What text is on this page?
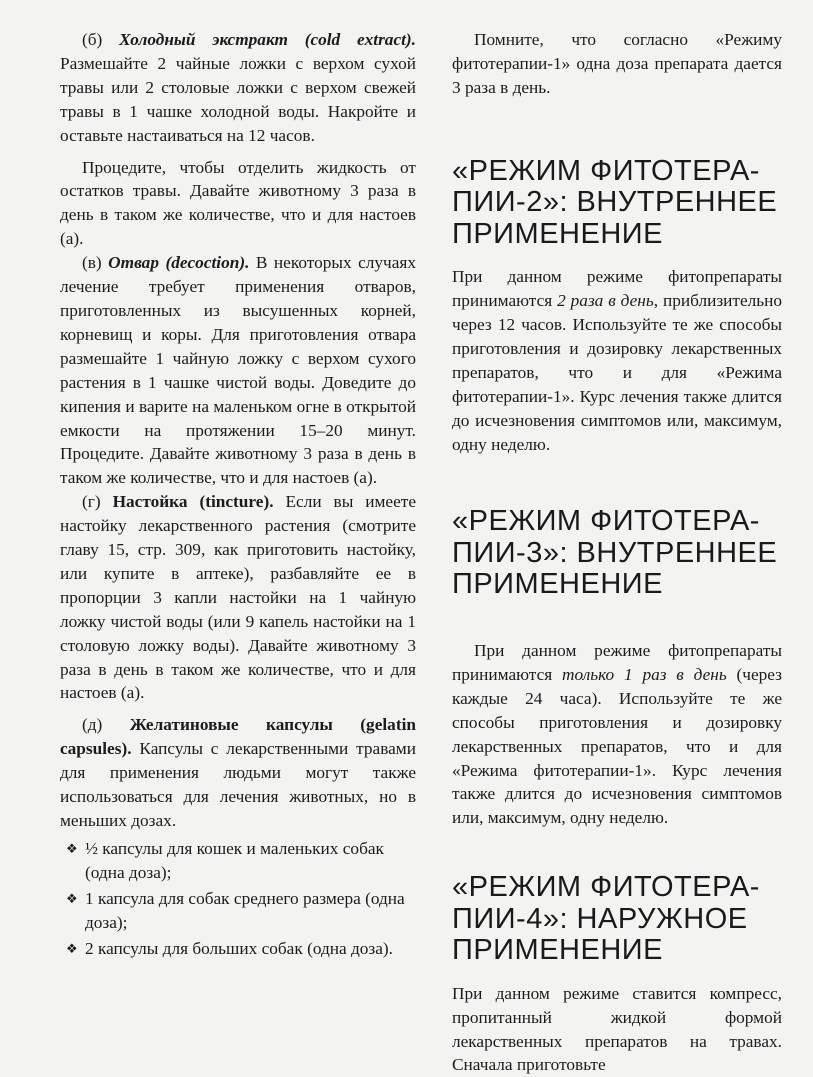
(б) Холодный экстракт (cold extract). Размешайте 2 чайные ложки с верхом сухой травы или 2 столовые ложки с верхом свежей травы в 1 чашке холодной воды. Накройте и оставьте настаиваться на 12 часов.

Процедите, чтобы отделить жидкость от остатков травы. Давайте животному 3 раза в день в таком же количестве, что и для настоев (а).

(в) Отвар (decoction). В некоторых случаях лечение требует применения отваров, приготовленных из высушенных корней, корневищ и коры. Для приготовления отвара размешайте 1 чайную ложку с верхом сухого растения в 1 чашке чистой воды. Доведите до кипения и варите на маленьком огне в открытой емкости на протяжении 15–20 минут. Процедите. Давайте животному 3 раза в день в таком же количестве, что и для настоев (а).

(г) Настойка (tincture). Если вы имеете настойку лекарственного растения (смотрите главу 15, стр. 309, как приготовить настойку, или купите в аптеке), разбавляйте ее в пропорции 3 капли настойки на 1 чайную ложку чистой воды (или 9 капель настойки на 1 столовую ложку воды). Давайте животному 3 раза в день в таком же количестве, что и для настоев (а).

(д) Желатиновые капсулы (gelatin capsules). Капсулы с лекарственными травами для применения людьми могут также использоваться для лечения животных, но в меньших дозах.

❖ ½ капсулы для кошек и маленьких собак (одна доза);
❖ 1 капсула для собак среднего размера (одна доза);
❖ 2 капсулы для больших собак (одна доза).

Помните, что согласно «Режиму фитотерапии-1» одна доза препарата дается 3 раза в день.

«РЕЖИМ ФИТОТЕРА-ПИИ-2»: ВНУТРЕННЕЕ ПРИМЕНЕНИЕ

При данном режиме фитопрепараты принимаются 2 раза в день, приблизительно через 12 часов. Используйте те же способы приготовления и дозировку лекарственных препаратов, что и для «Режима фитотерапии-1». Курс лечения также длится до исчезновения симптомов или, максимум, одну неделю.

«РЕЖИМ ФИТОТЕРА-ПИИ-3»: ВНУТРЕННЕЕ ПРИМЕНЕНИЕ

При данном режиме фитопрепараты принимаются только 1 раз в день (через каждые 24 часа). Используйте те же способы приготовления и дозировку лекарственных препаратов, что и для «Режима фитотерапии-1». Курс лечения также длится до исчезновения симптомов или, максимум, одну неделю.

«РЕЖИМ ФИТОТЕРА-ПИИ-4»: НАРУЖНОЕ ПРИМЕНЕНИЕ

При данном режиме ставится компресс, пропитанный жидкой формой лекарственных препаратов на травах. Сначала приготовьте
